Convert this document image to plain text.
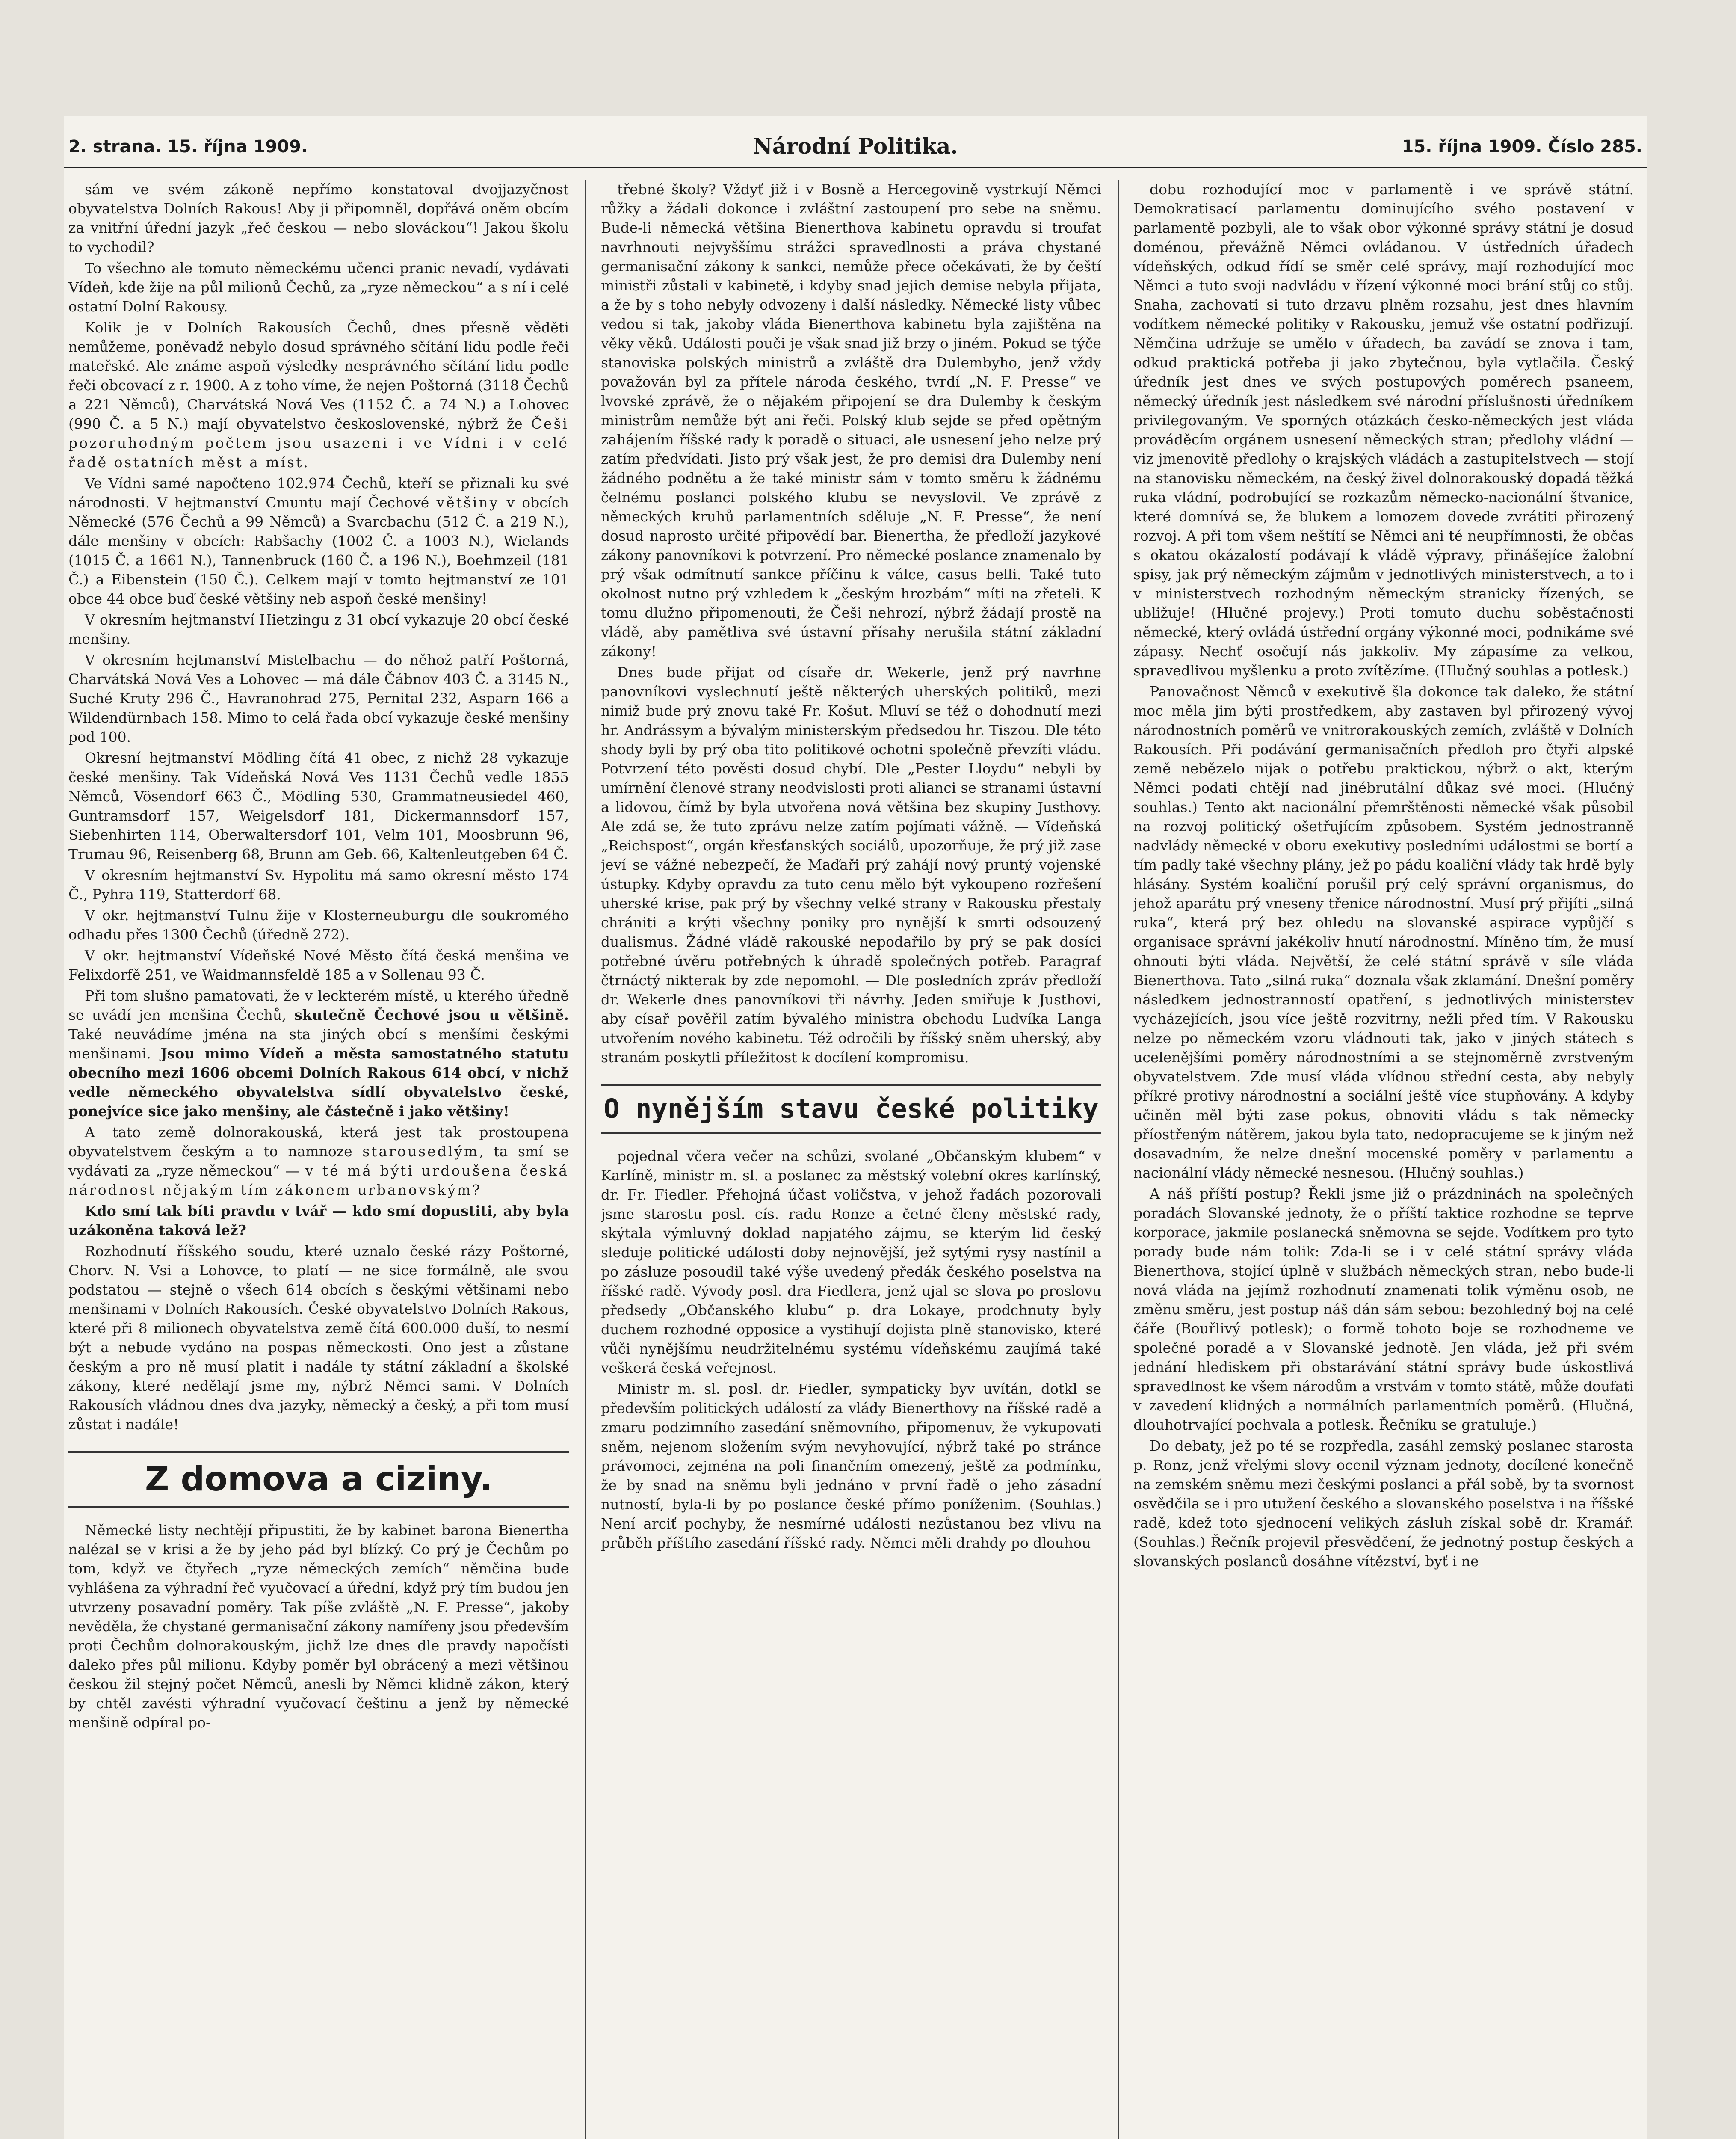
2. strana. 15. října 1909.	Národní Politika.	15. října 1909. Číslo 285.

sám ve svém zákoně nepřímo konstatoval dvojjazyčnost obyvatelstva Dolních Rakous! Aby ji připomněl, dopřává oněm obcím za vnitřní úřední jazyk „řeč českou — nebo slováckou“! Jakou školu to vychodil?

To všechno ale tomuto německému učenci pranic nevadí, vydávati Vídeň, kde žije na půl milionů Čechů, za „ryze německou“ a s ní i celé ostatní Dolní Rakousy.

Kolik je v Dolních Rakousích Čechů, dnes přesně věděti nemůžeme, poněvadž nebylo dosud správného sčítání lidu podle řeči mateřské. Ale známe aspoň výsledky nesprávného sčítání lidu podle řeči obcovací z r. 1900. A z toho víme, že nejen Poštorná (3118 Čechů a 221 Němců), Charvátská Nová Ves (1152 Č. a 74 N.) a Lohovec (990 Č. a 5 N.) mají obyvatelstvo československé, nýbrž že Češi pozoruhodným počtem jsou usazeni i ve Vídni i v celé řadě ostatních měst a míst.

Ve Vídni samé napočteno 102.974 Čechů, kteří se přiznali ku své národnosti. V hejtmanství Cmuntu mají Čechové většiny v obcích Německé (576 Čechů a 99 Němců) a Svarcbachu (512 Č. a 219 N.), dále menšiny v obcích: Rabšachy (1002 Č. a 1003 N.), Wielands (1015 Č. a 1661 N.), Tannenbruck (160 Č. a 196 N.), Boehmzeil (181 Č.) a Eibenstein (150 Č.). Celkem mají v tomto hejtmanství ze 101 obce 44 obce buď české většiny neb aspoň české menšiny!

V okresním hejtmanství Hietzingu z 31 obcí vykazuje 20 obcí české menšiny.

V okresním hejtmanství Mistelbachu — do něhož patří Poštorná, Charvátská Nová Ves a Lohovec — má dále Čábnov 403 Č. a 3145 N., Suché Kruty 296 Č., Havranohrad 275, Pernital 232, Asparn 166 a Wildendürnbach 158. Mimo to celá řada obcí vykazuje české menšiny pod 100.

Okresní hejtmanství Mödling čítá 41 obec, z nichž 28 vykazuje české menšiny. Tak Vídeňská Nová Ves 1131 Čechů vedle 1855 Němců, Vösendorf 663 Č., Mödling 530, Grammatneusiedel 460, Guntramsdorf 157, Weigelsdorf 181, Dickermannsdorf 157, Siebenhirten 114, Oberwaltersdorf 101, Velm 101, Moosbrunn 96, Trumau 96, Reisenberg 68, Brunn am Geb. 66, Kaltenleutgeben 64 Č.

V okresním hejtmanství Sv. Hypolitu má samo okresní město 174 Č., Pyhra 119, Statterdorf 68.

V okr. hejtmanství Tulnu žije v Klosterneuburgu dle soukromého odhadu přes 1300 Čechů (úředně 272).

V okr. hejtmanství Vídeňské Nové Město čítá česká menšina ve Felixdorfě 251, ve Waidmannsfeldě 185 a v Sollenau 93 Č.

Při tom slušno pamatovati, že v leckterém místě, u kterého úředně se uvádí jen menšina Čechů, skutečně Čechové jsou u většině. Také neuvádíme jména na sta jiných obcí s menšími českými menšinami. Jsou mimo Vídeň a města samostatného statutu obecního mezi 1606 obcemi Dolních Rakous 614 obcí, v nichž vedle německého obyvatelstva sídlí obyvatelstvo české, ponejvíce sice jako menšiny, ale částečně i jako většiny!

A tato země dolnorakouská, která jest tak prostoupena obyvatelstvem českým a to namnoze starousedlým, ta smí se vydávati za „ryze německou“ — v té má býti urdoušena česká národnost nějakým tím zákonem urbanovským?

Kdo smí tak bíti pravdu v tvář — kdo smí dopustiti, aby byla uzákoněna taková lež?

Rozhodnutí říšského soudu, které uznalo české rázy Poštorné, Chorv. N. Vsi a Lohovce, to platí — ne sice formálně, ale svou podstatou — stejně o všech 614 obcích s českými většinami nebo menšinami v Dolních Rakousích. České obyvatelstvo Dolních Rakous, které při 8 milionech obyvatelstva země čítá 600.000 duší, to nesmí být a nebude vydáno na pospas německosti. Ono jest a zůstane českým a pro ně musí platit i nadále ty státní základní a školské zákony, které nedělají jsme my, nýbrž Němci sami. V Dolních Rakousích vládnou dnes dva jazyky, německý a český, a při tom musí zůstat i nadále!

Z domova a ciziny.

Německé listy nechtějí připustiti, že by kabinet barona Bienertha nalézal se v krisi a že by jeho pád byl blízký. Co prý je Čechům po tom, když ve čtyřech „ryze německých zemích“ němčina bude vyhlášena za výhradní řeč vyučovací a úřední, když prý tím budou jen utvrzeny posavadní poměry. Tak píše zvláště „N. F. Presse“, jakoby nevěděla, že chystané germanisační zákony namířeny jsou především proti Čechům dolnorakouským, jichž lze dnes dle pravdy napočísti daleko přes půl milionu. Kdyby poměr byl obrácený a mezi většinou českou žil stejný počet Němců, anesli by Němci klidně zákon, který by chtěl zavésti výhradní vyučovací češtinu a jenž by německé menšině odpíral po-

třebné školy? Vždyť již i v Bosně a Hercegovině vystrkují Němci růžky a žádali dokonce i zvláštní zastoupení pro sebe na sněmu. Bude-li německá většina Bienerthova kabinetu opravdu si troufat navrhnouti nejvyššímu strážci spravedlnosti a práva chystané germanisační zákony k sankci, nemůže přece očekávati, že by čeští ministři zůstali v kabinetě, i kdyby snad jejich demise nebyla přijata, a že by s toho nebyly odvozeny i další následky. Německé listy vůbec vedou si tak, jakoby vláda Bienerthova kabinetu byla zajištěna na věky věků. Události pouči je však snad již brzy o jiném. Pokud se týče stanoviska polských ministrů a zvláště dra Dulembyho, jenž vždy považován byl za přítele národa českého, tvrdí „N. F. Presse“ ve lvovské zprávě, že o nějakém připojení se dra Dulemby k českým ministrům nemůže být ani řeči. Polský klub sejde se před opětným zahájením říšské rady k poradě o situaci, ale usnesení jeho nelze prý zatím předvídati. Jisto prý však jest, že pro demisi dra Dulemby není žádného podnětu a že také ministr sám v tomto směru k žádnému čelnému poslanci polského klubu se nevyslovil. Ve zprávě z německých kruhů parlamentních sděluje „N. F. Presse“, že není dosud naprosto určité připovědí bar. Bienertha, že předloží jazykové zákony panovníkovi k potvrzení. Pro německé poslance znamenalo by prý však odmítnutí sankce příčinu k válce, casus belli. Také tuto okolnost nutno prý vzhledem k „českým hrozbám“ míti na zřeteli. K tomu dlužno připomenouti, že Češi nehrozí, nýbrž žádají prostě na vládě, aby pamětliva své ústavní přísahy nerušila státní základní zákony!

Dnes bude přijat od císaře dr. Wekerle, jenž prý navrhne panovníkovi vyslechnutí ještě některých uherských politiků, mezi nimiž bude prý znovu také Fr. Košut. Mluví se též o dohodnutí mezi hr. Andrássym a bývalým ministerským předsedou hr. Tiszou. Dle této shody byli by prý oba tito politikové ochotni společně převzíti vládu. Potvrzení této pověsti dosud chybí. Dle „Pester Lloydu“ nebyli by umírnění členové strany neodvislosti proti alianci se stranami ústavní a lidovou, čímž by byla utvořena nová většina bez skupiny Justhovy. Ale zdá se, že tuto zprávu nelze zatím pojímati vážně. — Vídeňská „Reichspost“, orgán křesťanských sociálů, upozorňuje, že prý již zase jeví se vážné nebezpečí, že Maďaři prý zahájí nový pruntý vojenské ústupky. Kdyby opravdu za tuto cenu mělo být vykoupeno rozřešení uherské krise, pak prý by všechny velké strany v Rakousku přestaly chrániti a krýti všechny poniky pro nynější k smrti odsouzený dualismus. Žádné vládě rakouské nepodařilo by prý se pak dosíci potřebné úvěru potřebných k úhradě společných potřeb. Paragraf čtrnáctý nikterak by zde nepomohl. — Dle posledních zpráv předloží dr. Wekerle dnes panovníkovi tři návrhy. Jeden smiřuje k Justhovi, aby císař pověřil zatím bývalého ministra obchodu Ludvíka Langa utvořením nového kabinetu. Též odročili by říšský sněm uherský, aby stranám poskytli příležitost k docílení kompromisu.

O nynějším stavu české politiky

pojednal včera večer na schůzi, svolané „Občanským klubem“ v Karlíně, ministr m. sl. a poslanec za městský volební okres karlínský, dr. Fr. Fiedler. Přehojná účast voličstva, v jehož řadách pozorovali jsme starostu posl. cís. radu Ronze a četné členy městské rady, skýtala výmluvný doklad napjatého zájmu, se kterým lid český sleduje politické události doby nejnovější, jež sytými rysy nastínil a po zásluze posoudil také výše uvedený předák českého poselstva na říšské radě. Vývody posl. dra Fiedlera, jenž ujal se slova po proslovu předsedy „Občanského klubu“ p. dra Lokaye, prodchnuty byly duchem rozhodné opposice a vystihují dojista plně stanovisko, které vůči nynějšímu neudržitelnému systému vídeňskému zaujímá také veškerá česká veřejnost.

Ministr m. sl. posl. dr. Fiedler, sympaticky byv uvítán, dotkl se především politických událostí za vlády Bienerthovy na říšské radě a zmaru podzimního zasedání sněmovního, připomenuv, že vykupovati sněm, nejenom složením svým nevyhovující, nýbrž také po stránce právomoci, zejména na poli finančním omezený, ještě za podmínku, že by snad na sněmu byli jednáno v první řadě o jeho zásadní nutností, byla-li by po poslance české přímo poníženim. (Souhlas.) Není arciť pochyby, že nesmírné události nezůstanou bez vlivu na průběh příštího zasedání říšské rady. Němci měli drahdy po dlouhou

dobu rozhodující moc v parlamentě i ve správě státní. Demokratisací parlamentu dominujícího svého postavení v parlamentě pozbyli, ale to však obor výkonné správy státní je dosud doménou, převážně Němci ovládanou. V ústředních úřadech vídeňských, odkud řídí se směr celé správy, mají rozhodující moc Němci a tuto svoji nadvládu v řízení výkonné moci brání stůj co stůj. Snaha, zachovati si tuto drzavu plněm rozsahu, jest dnes hlavním vodítkem německé politiky v Rakousku, jemuž vše ostatní podřizují. Němčina udržuje se umělo v úřadech, ba zavádí se znova i tam, odkud praktická potřeba ji jako zbytečnou, byla vytlačila. Český úředník jest dnes ve svých postupových poměrech psaneem, německý úředník jest následkem své národní příslušnosti úředníkem privilegovaným. Ve sporných otázkách česko-německých jest vláda prováděcím orgánem usnesení německých stran; předlohy vládní — viz jmenovitě předlohy o krajských vládách a zastupitelstvech — stojí na stanovisku německém, na český živel dolnorakouský dopadá těžká ruka vládní, podrobující se rozkazům německo-nacionální štvanice, které domnívá se, že blukem a lomozem dovede zvrátiti přirozený rozvoj. A při tom všem neštítí se Němci ani té neupřímnosti, že občas s okatou okázalostí podávají k vládě výpravy, přinášejíce žalobní spisy, jak prý německým zájmům v jednotlivých ministerstvech, a to i v ministerstvech rozhodným německým stranicky řízených, se ubližuje! (Hlučné projevy.) Proti tomuto duchu soběstačnosti německé, který ovládá ústřední orgány výkonné moci, podnikáme své zápasy. Nechť osočují nás jakkoliv. My zápasíme za velkou, spravedlivou myšlenku a proto zvítězíme. (Hlučný souhlas a potlesk.)

Panovačnost Němců v exekutivě šla dokonce tak daleko, že státní moc měla jim býti prostředkem, aby zastaven byl přirozený vývoj národnostních poměrů ve vnitrorakouských zemích, zvláště v Dolních Rakousích. Při podávání germanisačních předloh pro čtyři alpské země nebězelo nijak o potřebu praktickou, nýbrž o akt, kterým Němci podati chtějí nad jinébrutální důkaz své moci. (Hlučný souhlas.) Tento akt nacionální přemrštěnosti německé však působil na rozvoj politický ošetřujícím způsobem. Systém jednostranně nadvlády německé v oboru exekutivy posledními událostmi se bortí a tím padly také všechny plány, jež po pádu koaliční vlády tak hrdě byly hlásány. Systém koaliční porušil prý celý správní organismus, do jehož aparátu prý vneseny třenice národnostní. Musí prý přijíti „silná ruka“, která prý bez ohledu na slovanské aspirace vypůjčí s organisace správní jakékoliv hnutí národnostní. Míněno tím, že musí ohnouti býti vláda. Největší, že celé státní správě v síle vláda Bienerthova. Tato „silná ruka“ doznala však zklamání. Dnešní poměry následkem jednostranností opatření, s jednotlivých ministerstev vycházejících, jsou více ještě rozvitrny, nežli před tím. V Rakousku nelze po německém vzoru vládnouti tak, jako v jiných státech s ucelenějšími poměry národnostními a se stejnoměrně zvrstveným obyvatelstvem. Zde musí vláda vlídnou střední cesta, aby nebyly příkré protivy národnostní a sociální ještě více stupňovány. A kdyby učiněn měl býti zase pokus, obnoviti vládu s tak německy příostřeným nátěrem, jakou byla tato, nedopracujeme se k jiným než dosavadním, že nelze dnešní mocenské poměry v parlamentu a nacionální vlády německé nesnesou. (Hlučný souhlas.)

A náš příští postup? Řekli jsme již o prázdninách na společných poradách Slovanské jednoty, že o příští taktice rozhodne se teprve korporace, jakmile poslanecká sněmovna se sejde. Vodítkem pro tyto porady bude nám tolik: Zda-li se i v celé státní správy vláda Bienerthova, stojící úplně v službách německých stran, nebo bude-li nová vláda na jejímž rozhodnutí znamenati tolik výměnu osob, ne změnu směru, jest postup náš dán sám sebou: bezohledný boj na celé čáře (Bouřlivý potlesk); o formě tohoto boje se rozhodneme ve společné poradě a v Slovanské jednotě. Jen vláda, jež při svém jednání hlediskem při obstarávání státní správy bude úskostlivá spravedlnost ke všem národům a vrstvám v tomto státě, může doufati v zavedení klidných a normálních parlamentních poměrů. (Hlučná, dlouhotrvající pochvala a potlesk. Řečníku se gratuluje.)

Do debaty, jež po té se rozpředla, zasáhl zemský poslanec starosta p. Ronz, jenž vřelými slovy ocenil význam jednoty, docílené konečně na zemském sněmu mezi českými poslanci a přál sobě, by ta svornost osvědčila se i pro utužení českého a slovanského poselstva i na říšské radě, kdež toto sjednocení velikých zásluh získal sobě dr. Kramář. (Souhlas.) Řečník projevil přesvědčení, že jednotný postup českých a slovanských poslanců dosáhne vítězství, byť i ne
